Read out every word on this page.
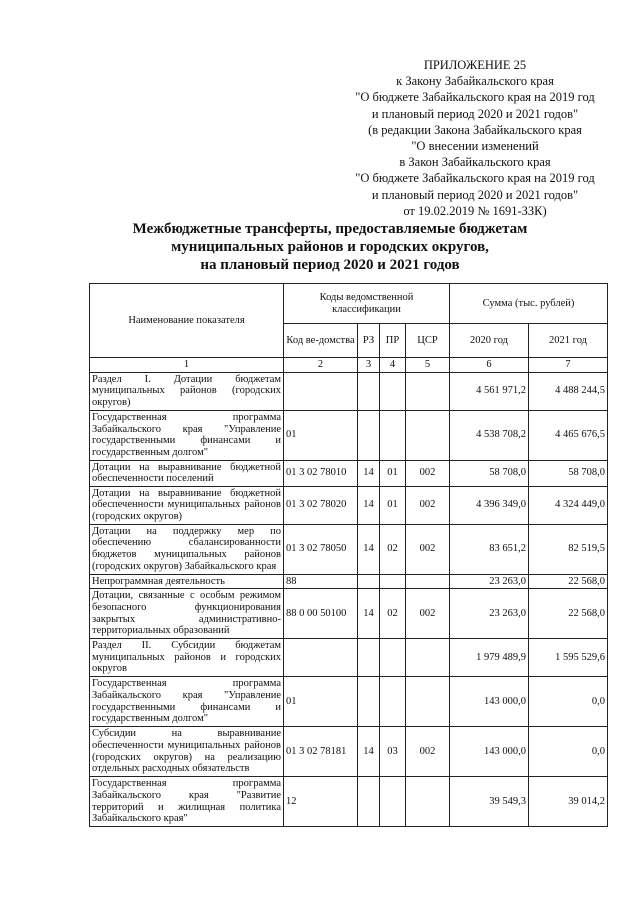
ПРИЛОЖЕНИЕ 25
к Закону Забайкальского края
"О бюджете Забайкальского края на 2019 год
и плановый период 2020 и 2021 годов"
(в редакции Закона Забайкальского края
"О внесении изменений
в Закон Забайкальского края
"О бюджете Забайкальского края на 2019 год
и плановый период 2020 и 2021 годов"
от 19.02.2019 № 1691-ЗЗК)
Межбюджетные трансферты, предоставляемые бюджетам
муниципальных районов и городских округов,
на плановый период 2020 и 2021 годов
Наименование показателя	Коды ведомственной классификации				Сумма (тыс. рублей)	
	Код ве-домства	РЗ	ПР	ЦСР	2020 год	2021 год
1	2	3	4	5	6	7
Раздел I. Дотации бюджетам муниципальных районов (городских округов)					4 561 971,2	4 488 244,5
Государственная программа Забайкальского края "Управление государственными финансами и государственным долгом"	01				4 538 708,2	4 465 676,5
Дотации на выравнивание бюджетной обеспеченности поселений	01 3 02 78010	14	01	002	58 708,0	58 708,0
Дотации на выравнивание бюджетной обеспеченности муниципальных районов (городских округов)	01 3 02 78020	14	01	002	4 396 349,0	4 324 449,0
Дотации на поддержку мер по обеспечению сбалансированности бюджетов муниципальных районов (городских округов) Забайкальского края	01 3 02 78050	14	02	002	83 651,2	82 519,5
Непрограммная деятельность	88				23 263,0	22 568,0
Дотации, связанные с особым режимом безопасного функционирования закрытых административно-территориальных образований	88 0 00 50100	14	02	002	23 263,0	22 568,0
Раздел II. Субсидии бюджетам муниципальных районов и городских округов					1 979 489,9	1 595 529,6
Государственная программа Забайкальского края "Управление государственными финансами и государственным долгом"	01				143 000,0	0,0
Субсидии на выравнивание обеспеченности муниципальных районов (городских округов) на реализацию отдельных расходных обязательств	01 3 02 78181	14	03	002	143 000,0	0,0
Государственная программа Забайкальского края "Развитие территорий и жилищная политика Забайкальского края"	12				39 549,3	39 014,2
